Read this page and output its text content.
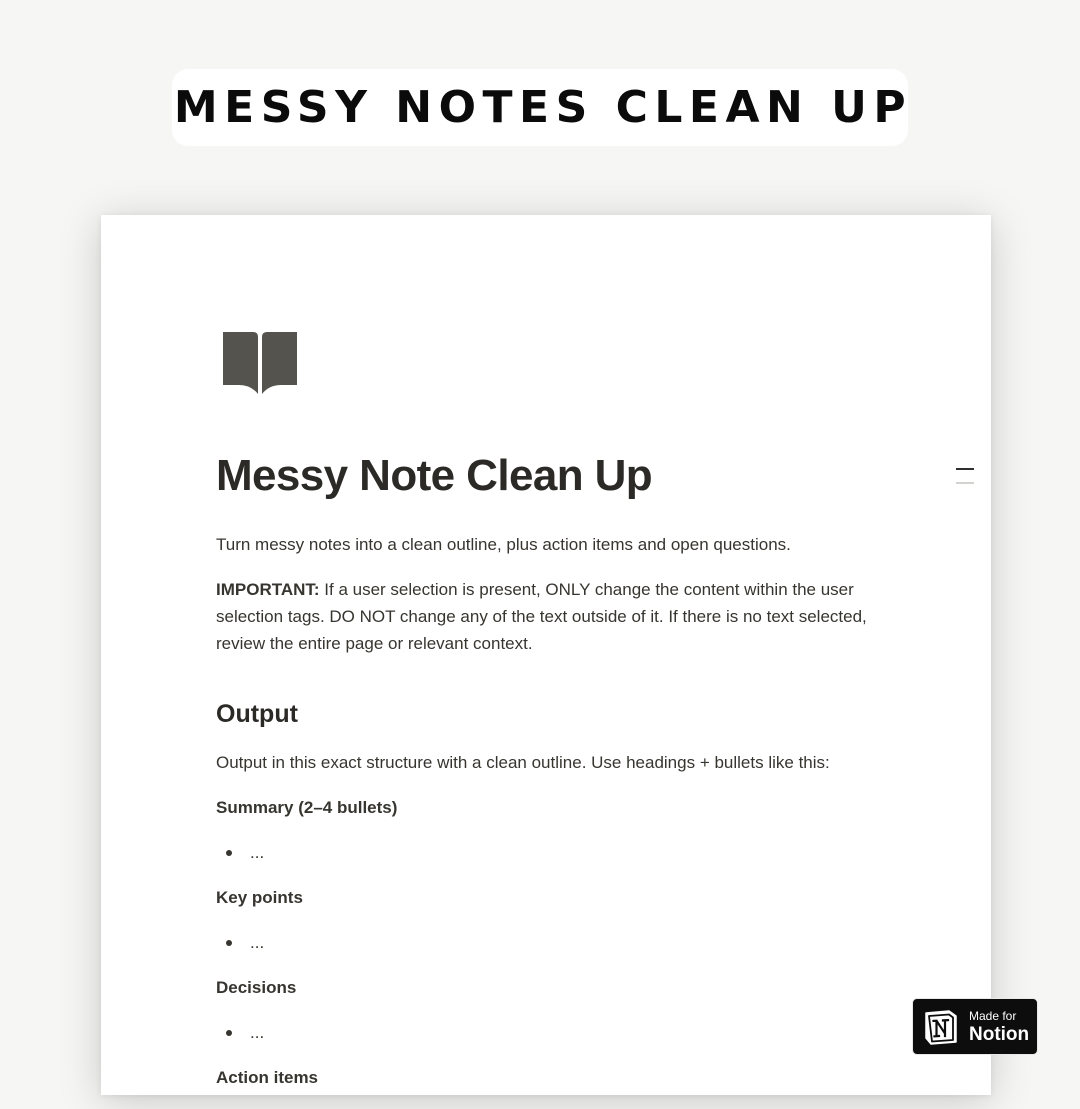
MESSY NOTES CLEAN UP
Messy Note Clean Up

Turn messy notes into a clean outline, plus action items and open questions.

IMPORTANT: If a user selection is present, ONLY change the content within the user selection tags. DO NOT change any of the text outside of it. If there is no text selected, review the entire page or relevant context.

Output

Output in this exact structure with a clean outline. Use headings + bullets like this:

Summary (2–4 bullets)

...

Key points

...

Decisions

...

Action items

Made for
Notion
